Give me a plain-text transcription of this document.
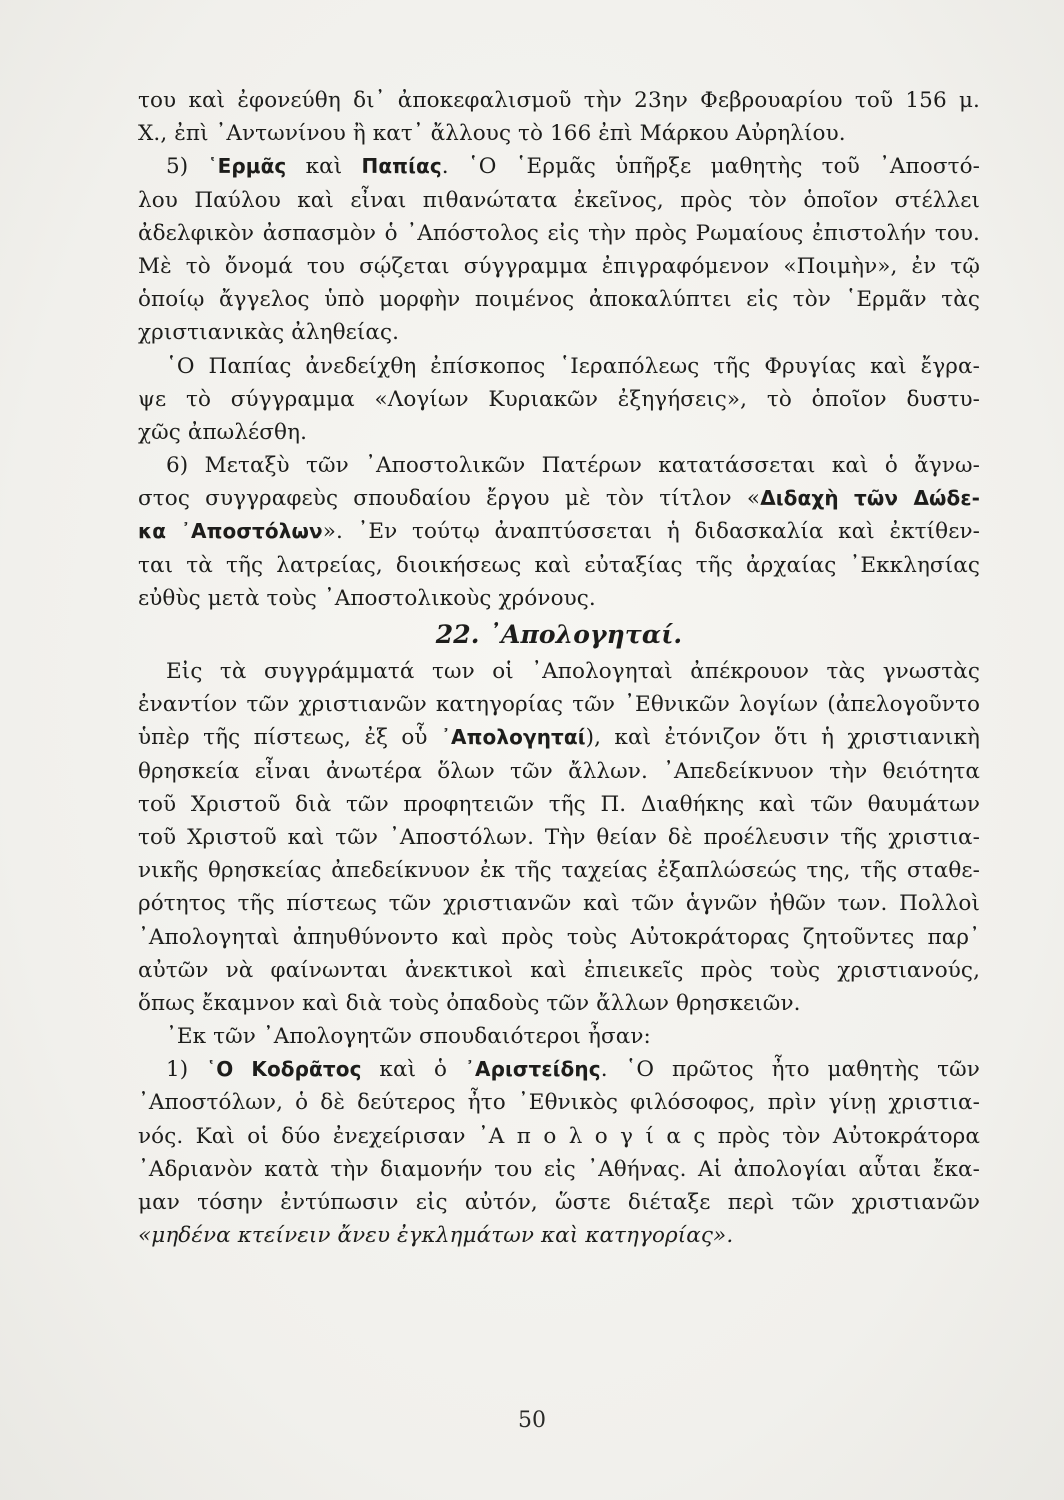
του καὶ ἐφονεύθη δι᾽ ἀποκεφαλισμοῦ τὴν 23ην Φεβρουαρίου τοῦ 156 μ.
Χ., ἐπὶ ᾽Αντωνίνου ἢ κατ᾽ ἄλλους τὸ 166 ἐπὶ Μάρκου Αὐρηλίου.
5) ῾Ερμᾶς καὶ Παπίας. ῾Ο ῾Ερμᾶς ὑπῆρξε μαθητὴς τοῦ ᾽Αποστό-
λου Παύλου καὶ εἶναι πιθανώτατα ἐκεῖνος, πρὸς τὸν ὁποῖον στέλλει
ἀδελφικὸν ἀσπασμὸν ὁ ᾽Απόστολος εἰς τὴν πρὸς Ρωμαίους ἐπιστολήν του.
Μὲ τὸ ὄνομά του σῴζεται σύγγραμμα ἐπιγραφόμενον «Ποιμὴν», ἐν τῷ
ὁποίῳ ἄγγελος ὑπὸ μορφὴν ποιμένος ἀποκαλύπτει εἰς τὸν ῾Ερμᾶν τὰς
χριστιανικὰς ἀληθείας.
῾Ο Παπίας ἀνεδείχθη ἐπίσκοπος ῾Ιεραπόλεως τῆς Φρυγίας καὶ ἔγρα-
ψε τὸ σύγγραμμα «Λογίων Κυριακῶν ἐξηγήσεις», τὸ ὁποῖον δυστυ-
χῶς ἀπωλέσθη.
6) Μεταξὺ τῶν ᾽Αποστολικῶν Πατέρων κατατάσσεται καὶ ὁ ἄγνω-
στος συγγραφεὺς σπουδαίου ἔργου μὲ τὸν τίτλον «Διδαχὴ τῶν Δώδε-
κα ᾽Αποστόλων». ᾽Εν τούτῳ ἀναπτύσσεται ἡ διδασκαλία καὶ ἐκτίθεν-
ται τὰ τῆς λατρείας, διοικήσεως καὶ εὐταξίας τῆς ἀρχαίας ᾽Εκκλησίας
εὐθὺς μετὰ τοὺς ᾽Αποστολικοὺς χρόνους.
22. ᾽Απολογηταί.
Εἰς τὰ συγγράμματά των οἱ ᾽Απολογηταὶ ἀπέκρουον τὰς γνωστὰς
ἐναντίον τῶν χριστιανῶν κατηγορίας τῶν ᾽Εθνικῶν λογίων (ἀπελογοῦντο
ὑπὲρ τῆς πίστεως, ἐξ οὗ ᾽Απολογηταί), καὶ ἐτόνιζον ὅτι ἡ χριστιανικὴ
θρησκεία εἶναι ἀνωτέρα ὅλων τῶν ἄλλων. ᾽Απεδείκνυον τὴν θειότητα
τοῦ Χριστοῦ διὰ τῶν προφητειῶν τῆς Π. Διαθήκης καὶ τῶν θαυμάτων
τοῦ Χριστοῦ καὶ τῶν ᾽Αποστόλων. Τὴν θείαν δὲ προέλευσιν τῆς χριστια-
νικῆς θρησκείας ἀπεδείκνυον ἐκ τῆς ταχείας ἐξαπλώσεώς της, τῆς σταθε-
ρότητος τῆς πίστεως τῶν χριστιανῶν καὶ τῶν ἁγνῶν ἠθῶν των. Πολλοὶ
᾽Απολογηταὶ ἀπηυθύνοντο καὶ πρὸς τοὺς Αὐτοκράτορας ζητοῦντες παρ᾽
αὐτῶν νὰ φαίνωνται ἀνεκτικοὶ καὶ ἐπιεικεῖς πρὸς τοὺς χριστιανούς,
ὅπως ἔκαμνον καὶ διὰ τοὺς ὀπαδοὺς τῶν ἄλλων θρησκειῶν.
᾽Εκ τῶν ᾽Απολογητῶν σπουδαιότεροι ἦσαν:
1) ῾Ο Κοδρᾶτος καὶ ὁ ᾽Αριστείδης. ῾Ο πρῶτος ἦτο μαθητὴς τῶν
᾽Αποστόλων, ὁ δὲ δεύτερος ἦτο ᾽Εθνικὸς φιλόσοφος, πρὶν γίνῃ χριστια-
νός. Καὶ οἱ δύο ἐνεχείρισαν ᾽Α π ο λ ο γ ί α ς πρὸς τὸν Αὐτοκράτορα
᾽Αδριανὸν κατὰ τὴν διαμονήν του εἰς ᾽Αθήνας. Αἱ ἀπολογίαι αὗται ἔκα-
μαν τόσην ἐντύπωσιν εἰς αὐτόν, ὥστε διέταξε περὶ τῶν χριστιανῶν
«μηδένα κτείνειν ἄνευ ἐγκλημάτων καὶ κατηγορίας».
50
